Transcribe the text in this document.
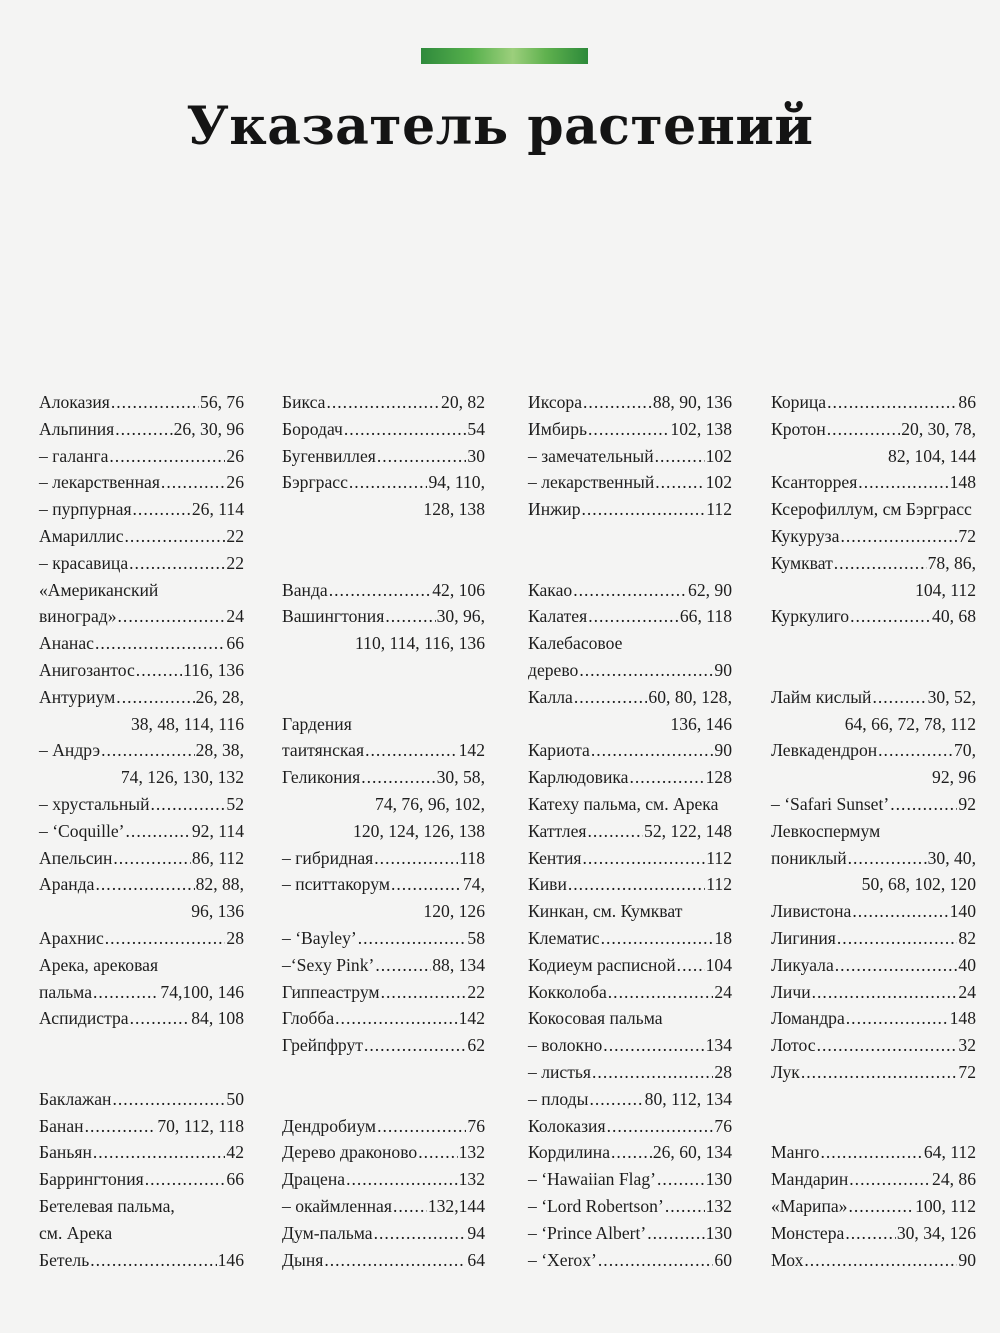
Указатель растений
Алоказия .....	56, 76
Альпиния .....	26, 30, 96
– галанга .....	26
– лекарственная .....	26
– пурпурная .....	26, 114
Амариллис .....	22
– красавица .....	22
«Американский
виноград» .....	24
Ананас .....	66
Анигозантос .....	116, 136
Антуриум .....	26, 28,
38, 48, 114, 116
– Андрэ .....	28, 38,
74, 126, 130, 132
– хрустальный .....	52
– ‘Coquille’ .....	92, 114
Апельсин .....	86, 112
Аранда .....	82, 88,
96, 136
Арахнис .....	28
Арека, арековая
пальма .....	74,100, 146
Аспидистра .....	84, 108
Баклажан .....	50
Банан .....	70, 112, 118
Баньян .....	42
Баррингтония .....	66
Бетелевая пальма,
см. Арека
Бетель .....	146
Бикса .....	20, 82
Бородач .....	54
Бугенвиллея .....	30
Бэрграсс .....	94, 110,
128, 138
Ванда .....	42, 106
Вашингтония .....	30, 96,
110, 114, 116, 136
Гардения
таитянская .....	142
Геликония .....	30, 58,
74, 76, 96, 102,
120, 124, 126, 138
– гибридная .....	118
– пситтакорум .....	74,
120, 126
– ‘Bayley’ .....	58
–‘Sexy Pink’ .....	88, 134
Гиппеаструм .....	22
Глобба .....	142
Грейпфрут .....	62
Дендробиум .....	76
Дерево драконово ..... 132
Драцена .....	132
– окаймленная ..... 132,144
Дум-пальма .....	94
Дыня .....	64
Иксора .....	88, 90, 136
Имбирь .....	102, 138
– замечательный .....	102
– лекарственный .....	102
Инжир .....	112
Какао .....	62, 90
Калатея .....	66, 118
Калебасовое
дерево .....	90
Калла .....	60, 80, 128,
136, 146
Кариота .....	90
Карлюдовика .....	128
Катеху пальма, см. Арека
Каттлея .....	52, 122, 148
Кентия .....	112
Киви .....	112
Кинкан, см. Кумкват
Клематис .....	18
Кодиеум расписной ..... 104
Кокколоба .....	24
Кокосовая пальма
– волокно .....	134
– листья .....	28
– плоды .....	80, 112, 134
Колоказия .....	76
Кордилина ..... 26, 60, 134
– ‘Hawaiian Flag’ .....	130
– ‘Lord Robertson’ ..... 132
– ‘Prince Albert’ .....	130
– ‘Xerox’ .....	60
Корица .....	86
Кротон .....	20, 30, 78,
82, 104, 144
Ксанторрея .....	148
Ксерофиллум, см Бэрграсс
Кукуруза .....	72
Кумкват .....	78, 86,
104, 112
Куркулиго .....	40, 68
Лайм кислый .....	30, 52,
64, 66, 72, 78, 112
Левкадендрон .....	70,
92, 96
– ‘Safari Sunset’ .....	92
Левкоспермум
пониклый .....	30, 40,
50, 68, 102, 120
Ливистона .....	140
Лигиния .....	82
Ликуала .....	40
Личи .....	24
Ломандра .....	148
Лотос .....	32
Лук .....	72
Манго .....	64, 112
Мандарин .....	24, 86
«Марипа» .....	100, 112
Монстера .....	30, 34, 126
Мох .....	90
